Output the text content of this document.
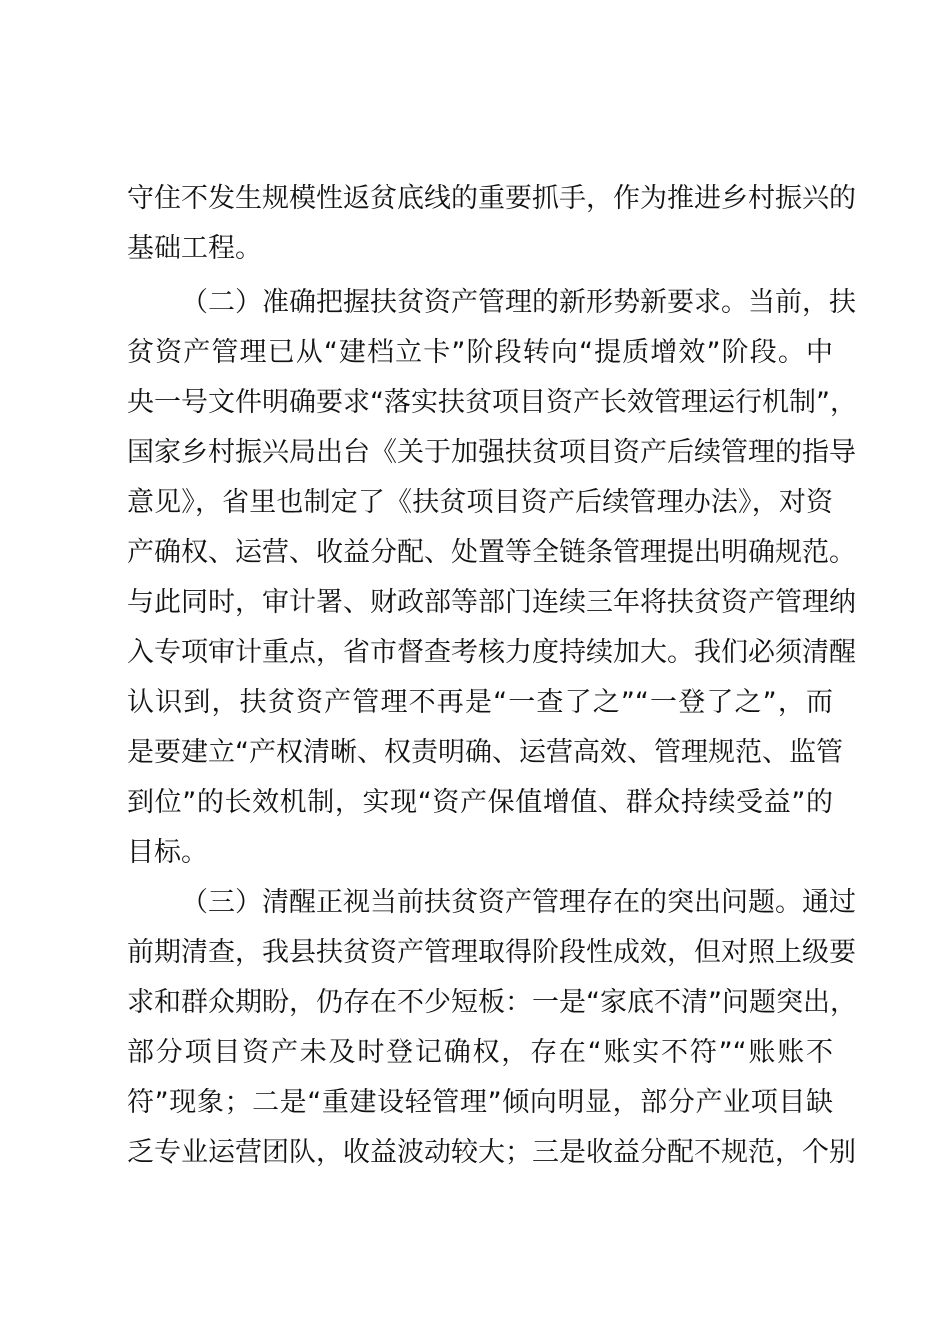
守住不发生规模性返贫底线的重要抓手，作为推进乡村振兴的
基础工程。
（二）准确把握扶贫资产管理的新形势新要求。当前，扶
贫资产管理已从“建档立卡”阶段转向“提质增效”阶段。中
央一号文件明确要求“落实扶贫项目资产长效管理运行机制”，
国家乡村振兴局出台《关于加强扶贫项目资产后续管理的指导
意见》，省里也制定了《扶贫项目资产后续管理办法》，对资
产确权、运营、收益分配、处置等全链条管理提出明确规范。
与此同时，审计署、财政部等部门连续三年将扶贫资产管理纳
入专项审计重点，省市督查考核力度持续加大。我们必须清醒
认识到，扶贫资产管理不再是“一查了之”“一登了之”，而
是要建立“产权清晰、权责明确、运营高效、管理规范、监管
到位”的长效机制，实现“资产保值增值、群众持续受益”的
目标。
（三）清醒正视当前扶贫资产管理存在的突出问题。通过
前期清查，我县扶贫资产管理取得阶段性成效，但对照上级要
求和群众期盼，仍存在不少短板：一是“家底不清”问题突出，
部分项目资产未及时登记确权，存在“账实不符”“账账不
符”现象；二是“重建设轻管理”倾向明显，部分产业项目缺
乏专业运营团队，收益波动较大；三是收益分配不规范，个别
